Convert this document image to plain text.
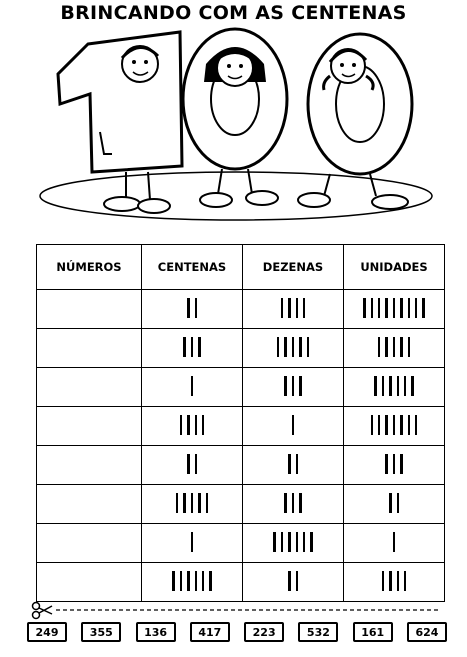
BRINCANDO COM AS CENTENAS
NÚMEROS	CENTENAS	DEZENAS	UNIDADES

249	355	136	417	223	532	161	624
